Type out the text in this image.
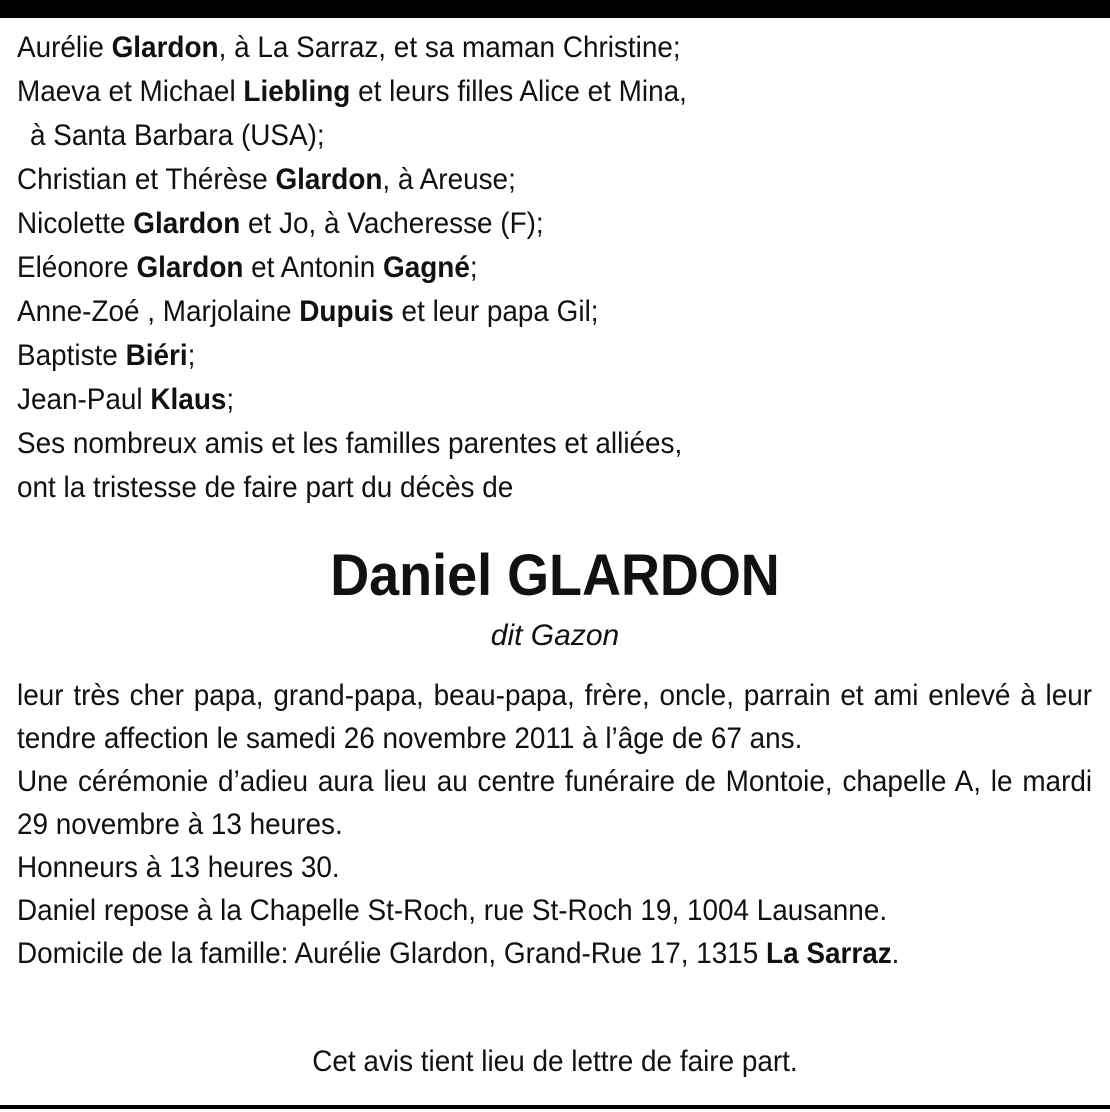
Aurélie Glardon, à La Sarraz, et sa maman Christine;
Maeva et Michael Liebling et leurs filles Alice et Mina,
à Santa Barbara (USA);
Christian et Thérèse Glardon, à Areuse;
Nicolette Glardon et Jo, à Vacheresse (F);
Eléonore Glardon et Antonin Gagné;
Anne-Zoé , Marjolaine Dupuis et leur papa Gil;
Baptiste Biéri;
Jean-Paul Klaus;
Ses nombreux amis et les familles parentes et alliées,
ont la tristesse de faire part du décès de
Daniel GLARDON
dit Gazon
leur très cher papa, grand-papa, beau-papa, frère, oncle, parrain et ami enlevé à leur tendre affection le samedi 26 novembre 2011 à l’âge de 67 ans.
Une cérémonie d’adieu aura lieu au centre funéraire de Montoie, chapelle A, le mardi 29 novembre à 13 heures.
Honneurs à 13 heures 30.
Daniel repose à la Chapelle St-Roch, rue St-Roch 19, 1004 Lausanne.
Domicile de la famille: Aurélie Glardon, Grand-Rue 17, 1315 La Sarraz.
Cet avis tient lieu de lettre de faire part.
